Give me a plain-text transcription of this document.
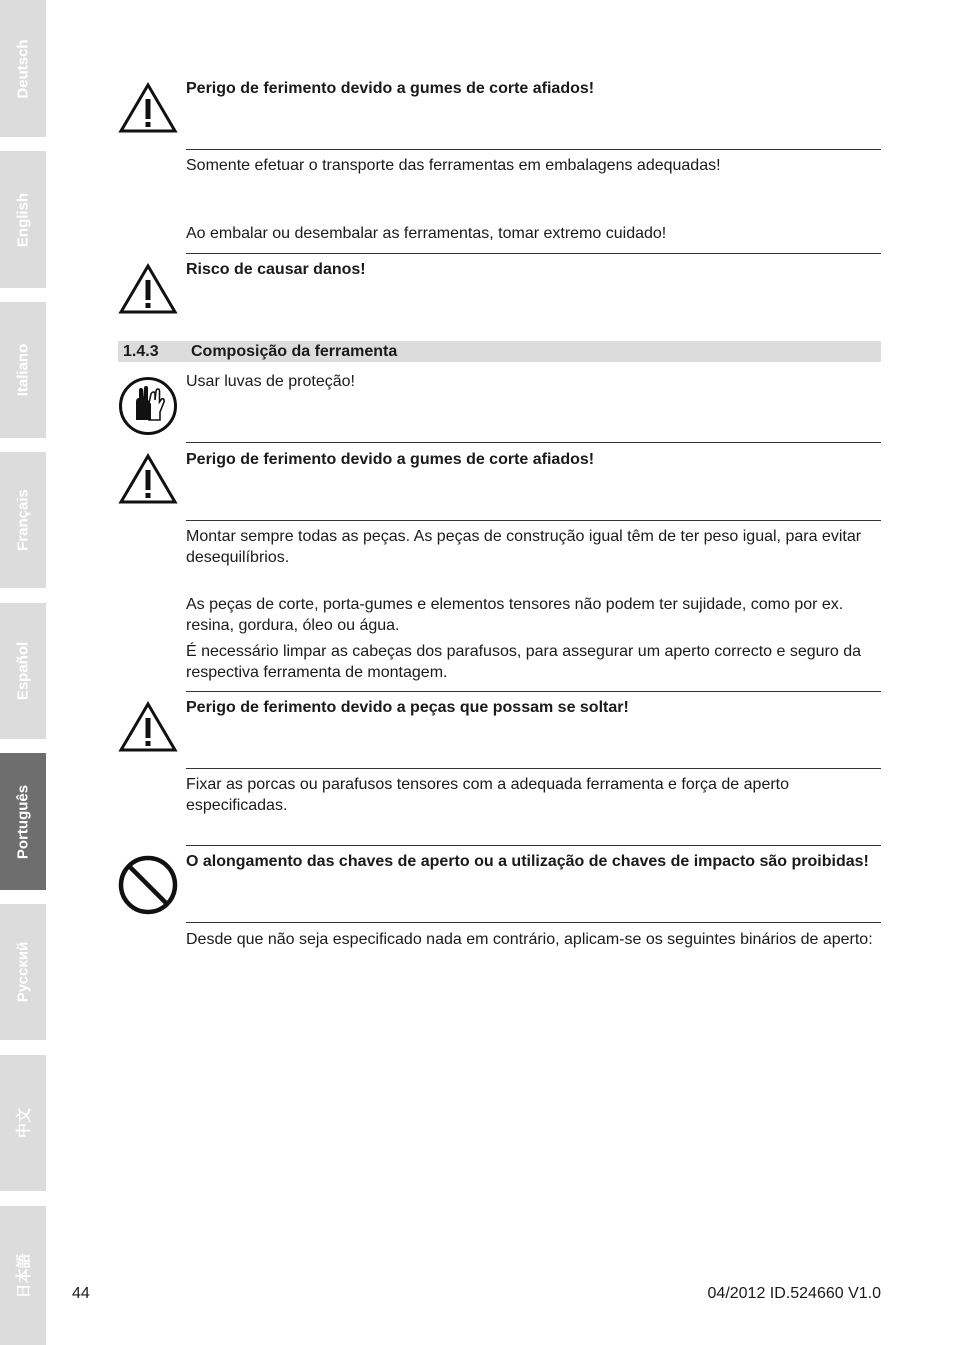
Deutsch
English
Italiano
Français
Español
Português
Русский
中文
日本語
Perigo de ferimento devido a gumes de corte afiados!
Somente efetuar o transporte das ferramentas em embalagens adequadas!
Ao embalar ou desembalar as ferramentas, tomar extremo cuidado!
Risco de causar danos!
1.4.3 Composição da ferramenta
Usar luvas de proteção!
Perigo de ferimento devido a gumes de corte afiados!
Montar sempre todas as peças. As peças de construção igual têm de ter peso igual, para evitar desequilíbrios.
As peças de corte, porta-gumes e elementos tensores não podem ter sujidade, como por ex. resina, gordura, óleo ou água.
É necessário limpar as cabeças dos parafusos, para assegurar um aperto correcto e seguro da respectiva ferramenta de montagem.
Perigo de ferimento devido a peças que possam se soltar!
Fixar as porcas ou parafusos tensores com a adequada ferramenta e força de aperto especificadas.
O alongamento das chaves de aperto ou a utilização de chaves de impacto são proibidas!
Desde que não seja especificado nada em contrário, aplicam-se os seguintes binários de aperto:
44	04/2012 ID.524660 V1.0
